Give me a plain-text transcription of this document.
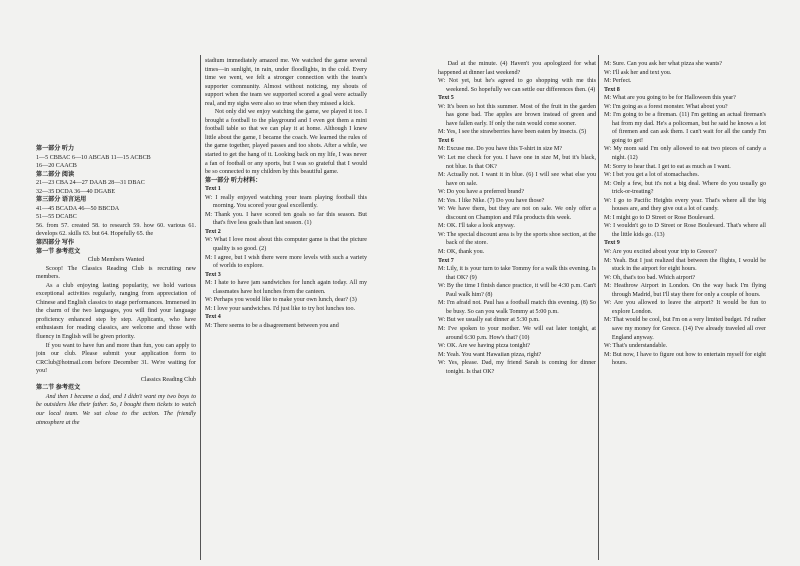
第一部分 听力

1—5 CBBAC 6—10 ABCAB 11—15 ACBCB

16—20 CAACB

第二部分 阅读

21—23 CBA 24—27 DAAB 28—31 DBAC

32—35 DCDA 36—40 DGABE

第三部分 语言运用

41—45 BCADA 46—50 BBCDA

51—55 DCABC

56. from 57. created 58. to research 59. how 60. various 61. develops 62. skills 63. but 64. Hopefully 65. the

第四部分 写作

第一节 参考范文

Club Members Wanted

Scoop! The Classics Reading Club is recruiting new members.

As a club enjoying lasting popularity, we hold various exceptional activities regularly, ranging from appreciation of Chinese and English classics to stage performances. Immersed in the charm of the two languages, you will find your language proficiency enhanced step by step. Applicants, who have enthusiasm for reading classics, are welcome and those with fluency in English will be given priority.

If you want to have fun and more than fun, you can apply to join our club. Please submit your application form to CRClub@hotmail.com before December 31. We're waiting for you!

Classics Reading Club

第二节 参考范文

And then I became a dad, and I didn't want my two boys to be outsiders like their father. So, I bought them tickets to watch our local team. We sat close to the action. The friendly atmosphere at the

stadium immediately amazed me. We watched the game several times—in sunlight, in rain, under floodlights, in the cold. Every time we went, we felt a stronger connection with the team's supporter community. Almost without noticing, my shouts of support when the team we supported scored a goal were actually real, and my sighs were also so true when they missed a kick.

Not only did we enjoy watching the game, we played it too. I brought a football to the playground and I even got them a mini football table so that we can play it at home. Although I knew little about the game, I became the coach. We learned the rules of the game together, played passes and too shots. After a while, we started to get the hang of it. Looking back on my life, I was never a fan of football or any sports, but I was so grateful that I would be so connected to my children by this beautiful game.

第一部分 听力材料：

Text 1

W: I really enjoyed watching your team playing football this morning. You scored your goal excellently.

M: Thank you. I have scored ten goals so far this season. But that's five less goals than last season. (1)

Text 2

W: What I love most about this computer game is that the picture quality is so good. (2)

M: I agree, but I wish there were more levels with such a variety of worlds to explore.

Text 3

M: I hate to have jam sandwiches for lunch again today. All my classmates have hot lunches from the canteen.

W: Perhaps you would like to make your own lunch, dear? (3)

M: I love your sandwiches. I'd just like to try hot lunches too.

Text 4

M: There seems to be a disagreement between you and

Dad at the minute. (4) Haven't you apologized for what happened at dinner last weekend?

W: Not yet, but he's agreed to go shopping with me this weekend. So hopefully we can settle our differences then. (4)

Text 5

W: It's been so hot this summer. Most of the fruit in the garden has gone bad. The apples are brown instead of green and have fallen early. If only the rain would come sooner.

M: Yes, I see the strawberries have been eaten by insects. (5)

Text 6

M: Excuse me. Do you have this T-shirt in size M?

W: Let me check for you. I have one in size M, but it's black, not blue. Is that OK?

M: Actually not. I want it in blue. (6) I will see what else you have on sale.

W: Do you have a preferred brand?

M: Yes. I like Nike. (7) Do you have those?

W: We have them, but they are not on sale. We only offer a discount on Champion and Fila products this week.

M: OK. I'll take a look anyway.

W: The special discount area is by the sports shoe section, at the back of the store.

M: OK, thank you.

Text 7

M: Lily, it is your turn to take Tommy for a walk this evening. Is that OK? (9)

W: By the time I finish dance practice, it will be 4:30 p.m. Can't Paul walk him? (8)

M: I'm afraid not. Paul has a football match this evening. (8) So be busy. So can you walk Tommy at 5:00 p.m.

W: But we usually eat dinner at 5:30 p.m.

M: I've spoken to your mother. We will eat later tonight, at around 6:30 p.m. How's that? (10)

W: OK. Are we having pizza tonight?

M: Yeah. You want Hawaiian pizza, right?

W: Yes, please. Dad, my friend Sarah is coming for dinner tonight. Is that OK?

M: Sure. Can you ask her what pizza she wants?

W: I'll ask her and text you.

M: Perfect.

Text 8

M: What are you going to be for Halloween this year?

W: I'm going as a forest monster. What about you?

M: I'm going to be a fireman. (11) I'm getting an actual fireman's hat from my dad. He's a policeman, but he said he knows a lot of firemen and can ask them. I can't wait for all the candy I'm going to get!

W: My mom said I'm only allowed to eat two pieces of candy a night. (12)

M: Sorry to hear that. I get to eat as much as I want.

W: I bet you get a lot of stomachaches.

M: Only a few, but it's not a big deal. Where do you usually go trick-or-treating?

W: I go to Pacific Heights every year. That's where all the big houses are, and they give out a lot of candy.

M: I might go to D Street or Rose Boulevard.

W: I wouldn't go to D Street or Rose Boulevard. That's where all the little kids go. (13)

Text 9

W: Are you excited about your trip to Greece?

M: Yeah. But I just realized that between the flights, I would be stuck in the airport for eight hours.

W: Oh, that's too bad. Which airport?

M: Heathrow Airport in London. On the way back I'm flying through Madrid, but I'll stay there for only a couple of hours.

W: Are you allowed to leave the airport? It would be fun to explore London.

M: That would be cool, but I'm on a very limited budget. I'd rather save my money for Greece. (14) I've already traveled all over England anyway.

W: That's understandable.

M: But now, I have to figure out how to entertain myself for eight hours.
